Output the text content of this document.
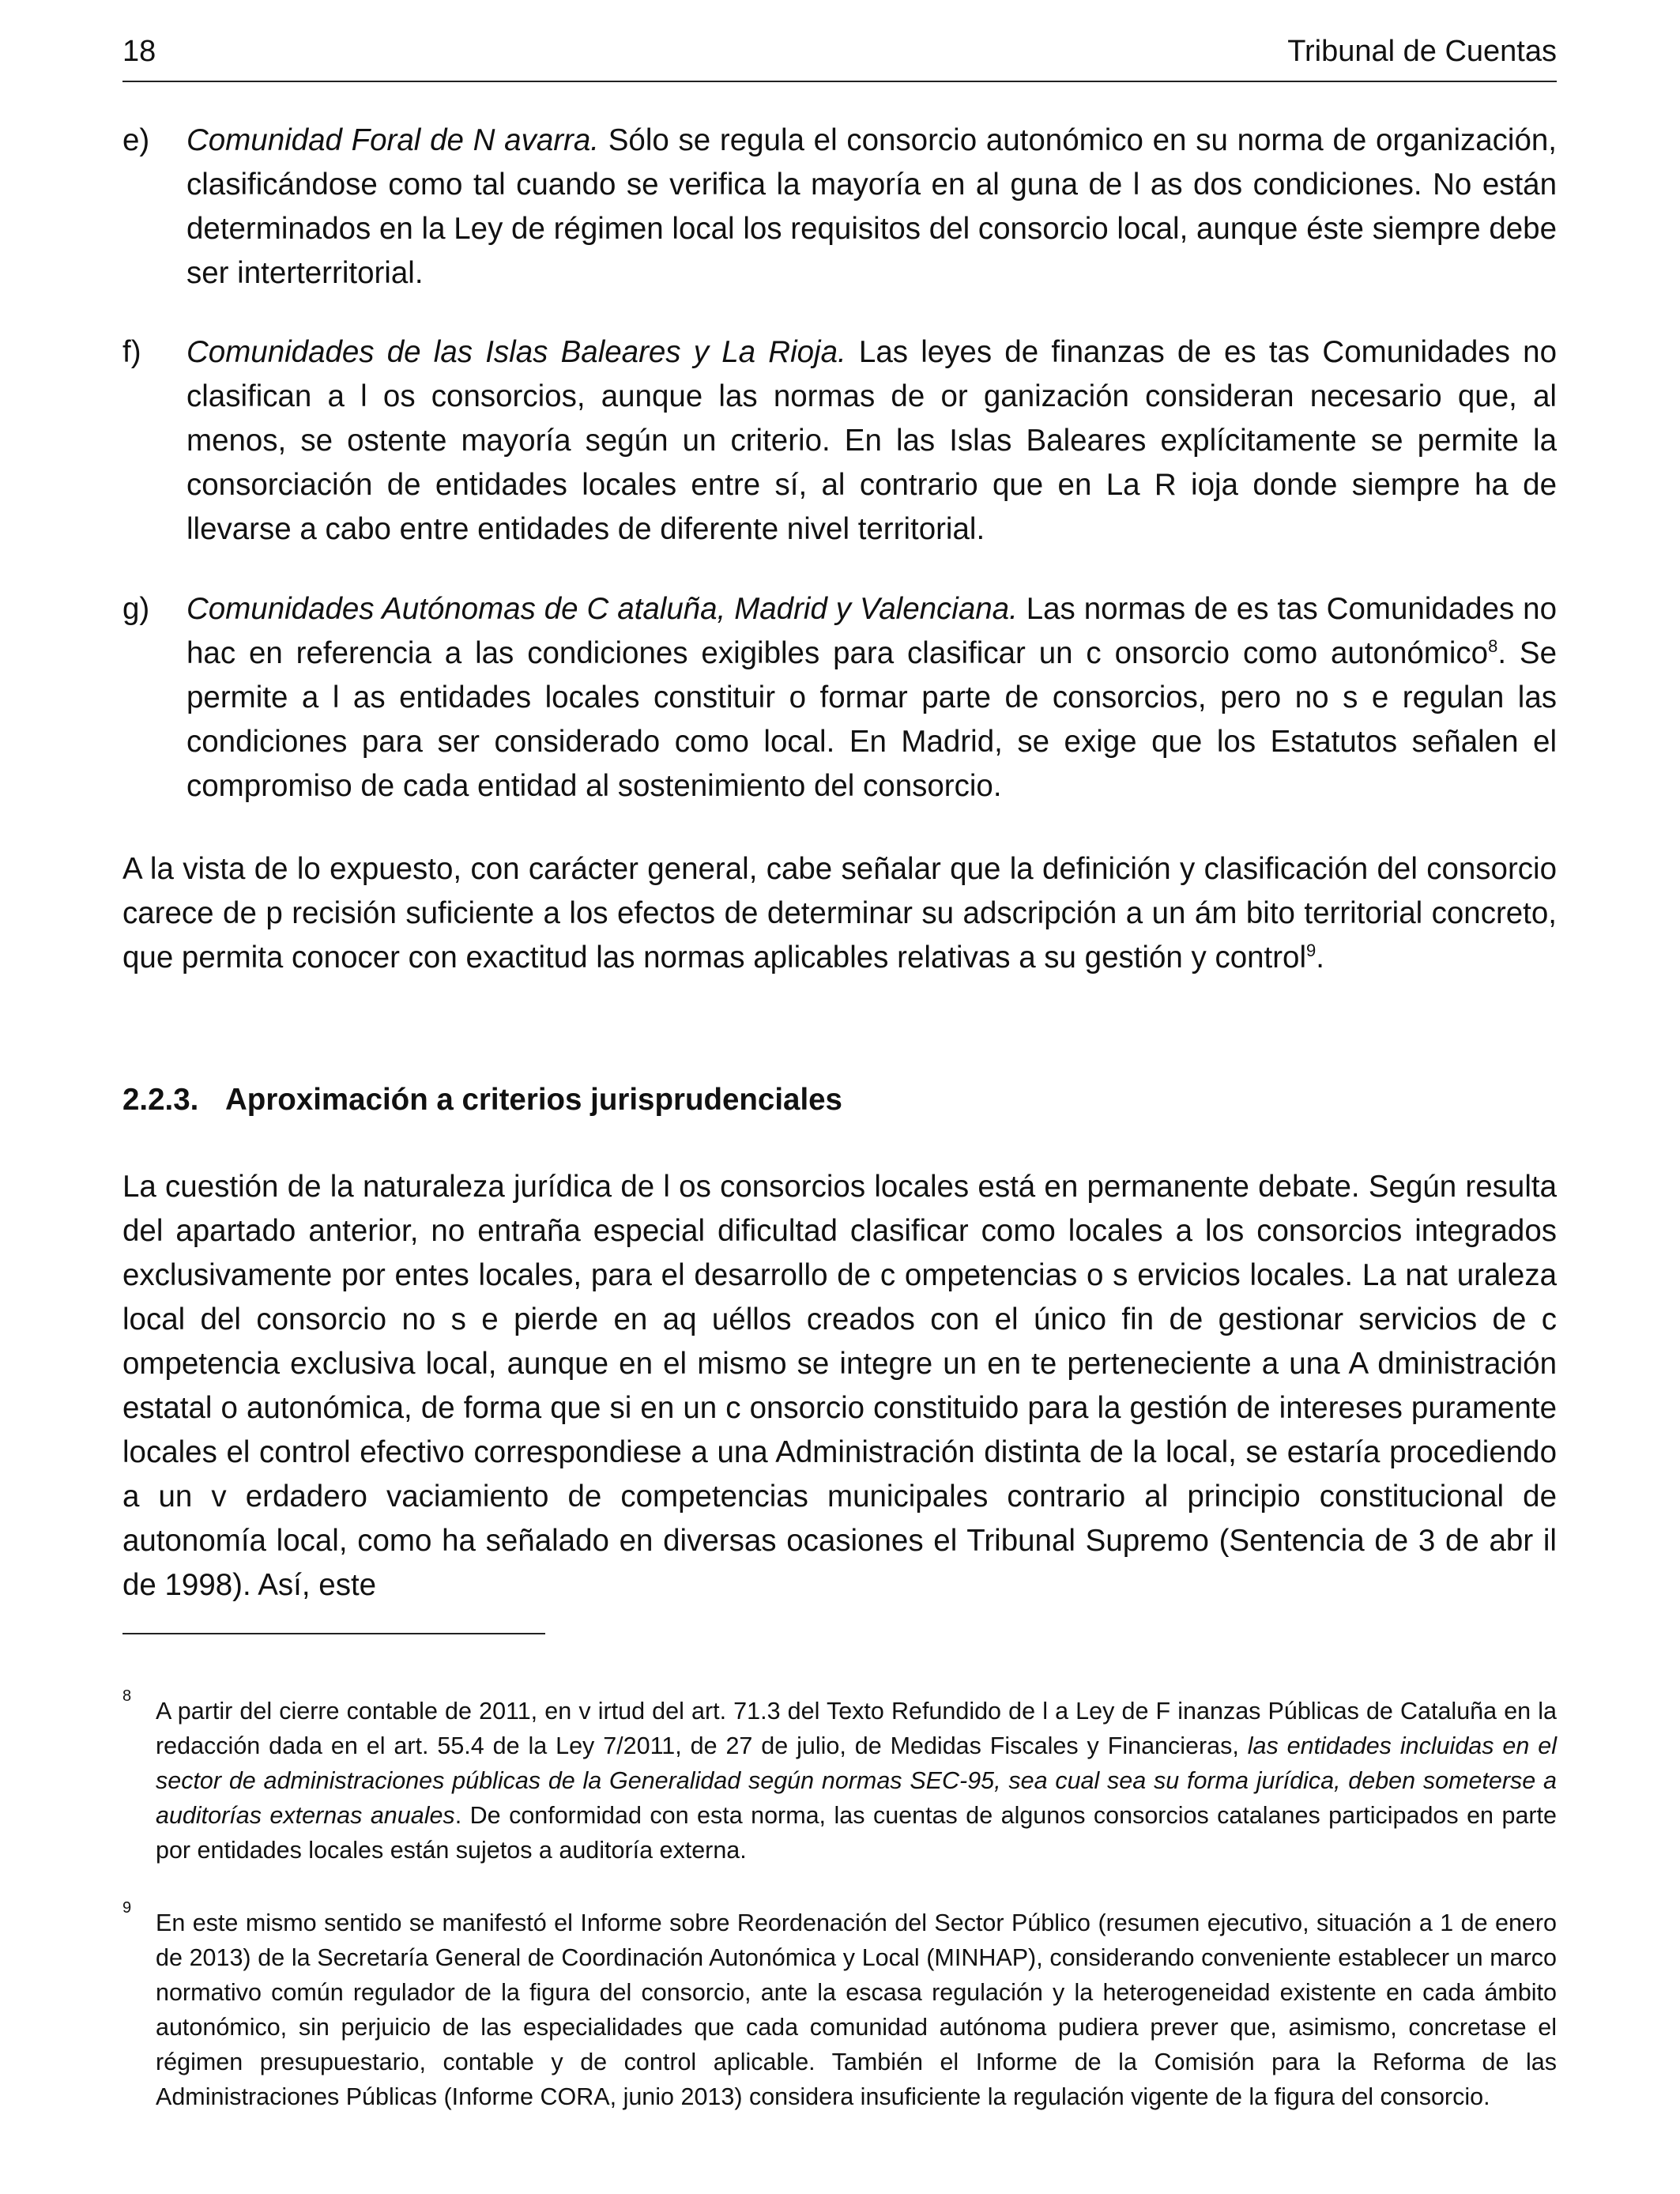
18	Tribunal de Cuentas
e) Comunidad Foral de N avarra. Sólo se regula el consorcio autonómico en su norma de organización, clasificándose como tal cuando se verifica la mayoría en al guna de l as dos condiciones. No están determinados en la Ley de régimen local los requisitos del consorcio local, aunque éste siempre debe ser interterritorial.
f) Comunidades de las Islas Baleares y La Rioja. Las leyes de finanzas de es tas Comunidades no clasifican a l os consorcios, aunque las normas de or ganización consideran necesario que, al menos, se ostente mayoría según un criterio. En las Islas Baleares explícitamente se permite la consorciación de entidades locales entre sí, al contrario que en La R ioja donde siempre ha de llevarse a cabo entre entidades de diferente nivel territorial.
g) Comunidades Autónomas de C ataluña, Madrid y Valenciana. Las normas de es tas Comunidades no hac en referencia a las condiciones exigibles para clasificar un c onsorcio como autonómico$^8$. Se permite a l as entidades locales constituir o formar parte de consorcios, pero no s e regulan las condiciones para ser considerado como local. En Madrid, se exige que los Estatutos señalen el compromiso de cada entidad al sostenimiento del consorcio.
A la vista de lo expuesto, con carácter general, cabe señalar que la definición y clasificación del consorcio carece de p recisión suficiente a los efectos de determinar su adscripción a un ám bito territorial concreto, que permita conocer con exactitud las normas aplicables relativas a su gestión y control$^9$.
2.2.3. Aproximación a criterios jurisprudenciales
La cuestión de la naturaleza jurídica de l os consorcios locales está en permanente debate. Según resulta del apartado anterior, no entraña especial dificultad clasificar como locales a los consorcios integrados exclusivamente por entes locales, para el desarrollo de c ompetencias o s ervicios locales. La nat uraleza local del consorcio no s e pierde en aq uéllos creados con el único fin de gestionar servicios de c ompetencia exclusiva local, aunque en el mismo se integre un en te perteneciente a una A dministración estatal o autonómica, de forma que si en un c onsorcio constituido para la gestión de intereses puramente locales el control efectivo correspondiese a una Administración distinta de la local, se estaría procediendo a un v erdadero vaciamiento de competencias municipales contrario al principio constitucional de autonomía local, como ha señalado en diversas ocasiones el Tribunal Supremo (Sentencia de 3 de abr il de 1998). Así, este
8
A partir del cierre contable de 2011, en v irtud del art. 71.3 del Texto Refundido de l a Ley de F inanzas Públicas de Cataluña en la redacción dada en el art. 55.4 de la Ley 7/2011, de 27 de julio, de Medidas Fiscales y Financieras, las entidades incluidas en el sector de administraciones públicas de la Generalidad según normas SEC-95, sea cual sea su forma jurídica, deben someterse a auditorías externas anuales. De conformidad con esta norma, las cuentas de algunos consorcios catalanes participados en parte por entidades locales están sujetos a auditoría externa.
9
En este mismo sentido se manifestó el Informe sobre Reordenación del Sector Público (resumen ejecutivo, situación a 1 de enero de 2013) de la Secretaría General de Coordinación Autonómica y Local (MINHAP), considerando conveniente establecer un marco normativo común regulador de la figura del consorcio, ante la escasa regulación y la heterogeneidad existente en cada ámbito autonómico, sin perjuicio de las especialidades que cada comunidad autónoma pudiera prever que, asimismo, concretase el régimen presupuestario, contable y de control aplicable. También el Informe de la Comisión para la Reforma de las Administraciones Públicas (Informe CORA, junio 2013) considera insuficiente la regulación vigente de la figura del consorcio.
